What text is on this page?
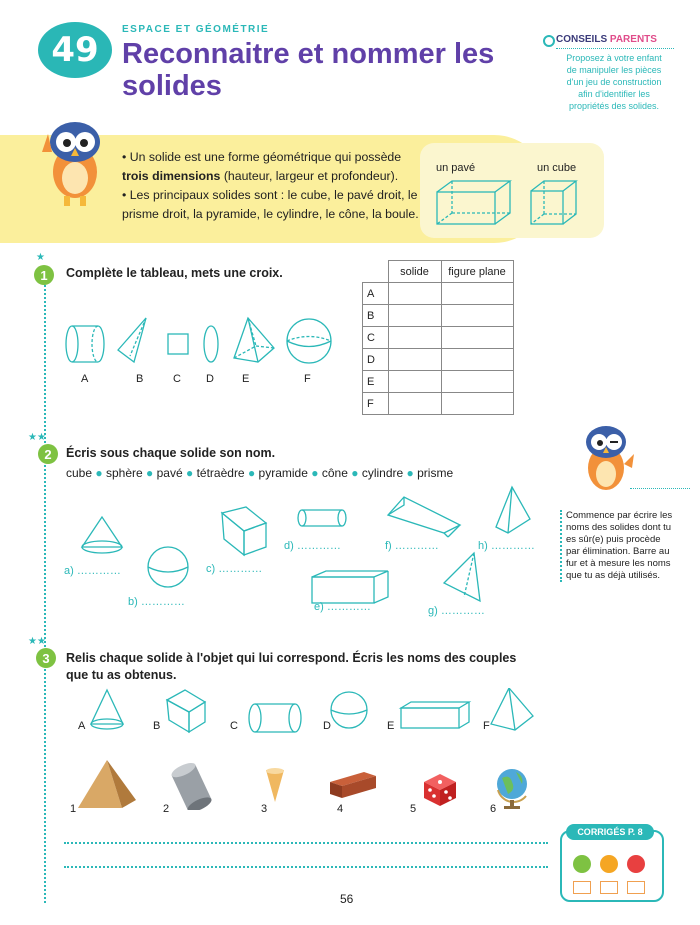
49
ESPACE ET GÉOMÉTRIE
Reconnaitre et nommer les solides
CONSEILS PARENTS
Proposez à votre enfant de manipuler les pièces d'un jeu de construction afin d'identifier les propriétés des solides.
• Un solide est une forme géométrique qui possède trois dimensions (hauteur, largeur et profondeur).
• Les principaux solides sont : le cube, le pavé droit, le prisme droit, la pyramide, le cylindre, le cône, la boule.
un pavé	un cube
★
1	Complète le tableau, mets une croix.
A	B	C D	E	F
	solide	figure plane
A		
B		
C		
D		
E		
F		
★★
2	Écris sous chaque solide son nom.
cube ● sphère ● pavé ● tétraèdre ● pyramide ● cône ● cylindre ● prisme
a) …………
b) …………
c) …………
d) …………
e) …………
f) …………
g) …………
h) …………
Commence par écrire les noms des solides dont tu es sûr(e) puis procède par élimination. Barre au fur et à mesure les noms que tu as déjà utilisés.
★★
3	Relis chaque solide à l'objet qui lui correspond. Écris les noms des couples que tu as obtenus.
A	B	C	D	E	F
1	2	3	4	5	6
CORRIGÉS P. 8
56
